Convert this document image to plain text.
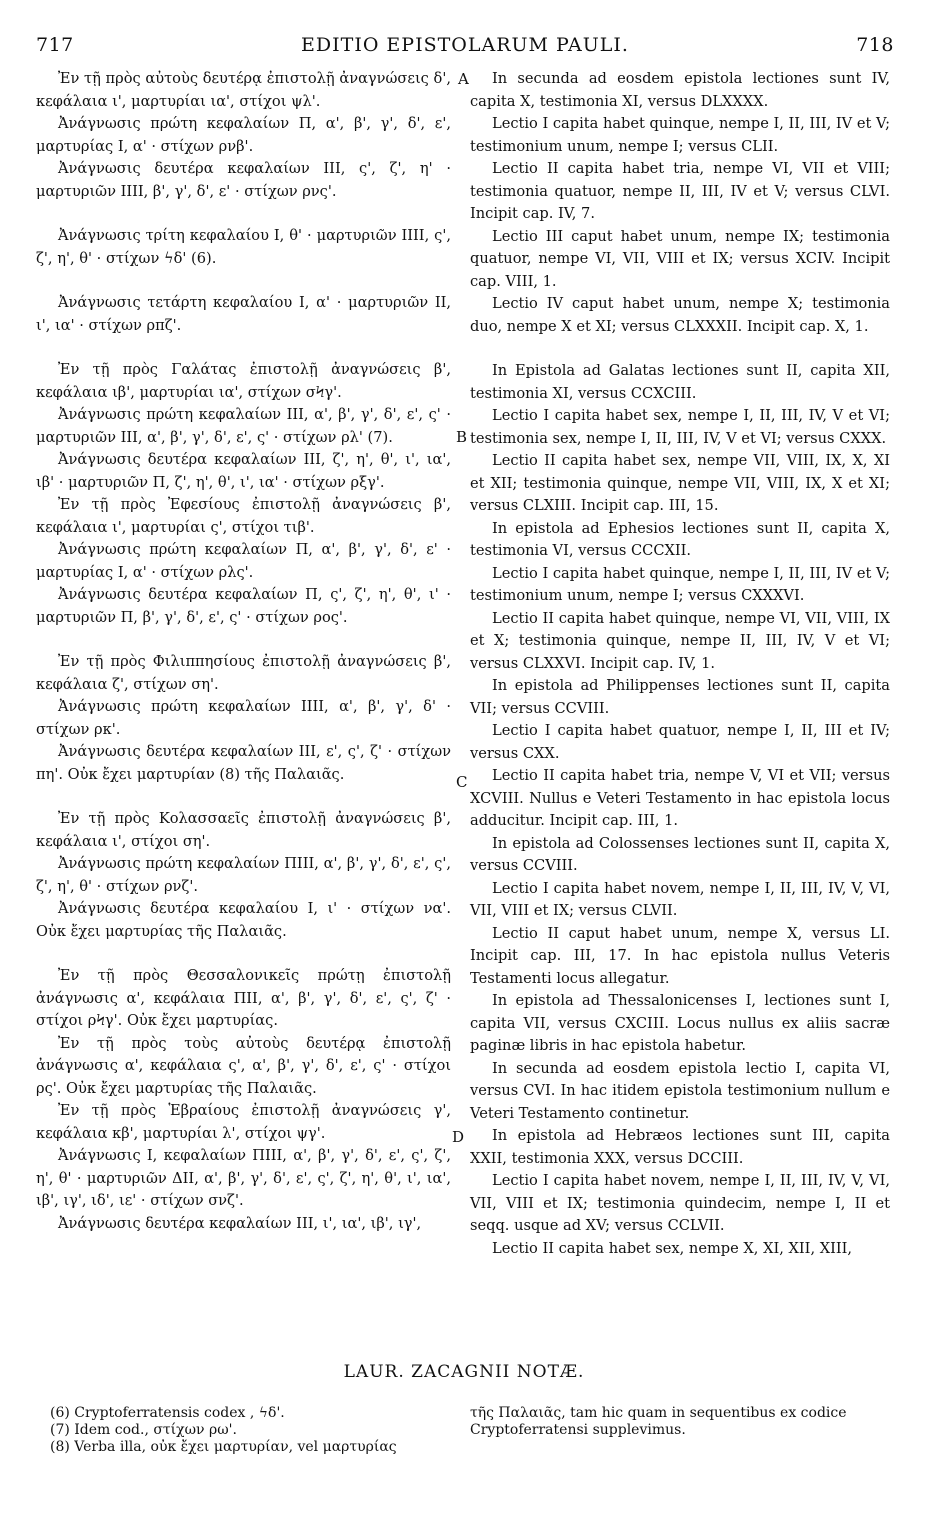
717	EDITIO EPISTOLARUM PAULI.	718

Ἐν τῇ πρὸς αὐτοὺς δευτέρᾳ ἐπιστολῇ ἀναγνώσεις δ', κεφάλαια ι', μαρτυρίαι ια', στίχοι ψλ'.

Ἀνάγνωσις πρώτη κεφαλαίων Π, α', β', γ', δ', ε', μαρτυρίας Ι, α' · στίχων ρνβ'.

Ἀνάγνωσις δευτέρα κεφαλαίων ΙΙΙ, ς', ζ', η' · μαρτυριῶν ΙΙΙΙ, β', γ', δ', ε' · στίχων ρνς'.

Ἀνάγνωσις τρίτη κεφαλαίου Ι, θ' · μαρτυριῶν ΙΙΙΙ, ς', ζ', η', θ' · στίχων ϟδ' (6).

Ἀνάγνωσις τετάρτη κεφαλαίου Ι, α' · μαρτυριῶν ΙΙ, ι', ια' · στίχων ρπζ'.

Ἐν τῇ πρὸς Γαλάτας ἐπιστολῇ ἀναγνώσεις β', κεφάλαια ιβ', μαρτυρίαι ια', στίχων σϞγ'.

Ἀνάγνωσις πρώτη κεφαλαίων ΙΙΙ, α', β', γ', δ', ε', ς' · μαρτυριῶν ΙΙΙ, α', β', γ', δ', ε', ς' · στίχων ρλ' (7).

Ἀνάγνωσις δευτέρα κεφαλαίων ΙΙΙ, ζ', η', θ', ι', ια', ιβ' · μαρτυριῶν Π, ζ', η', θ', ι', ια' · στίχων ρξγ'.

Ἐν τῇ πρὸς Ἐφεσίους ἐπιστολῇ ἀναγνώσεις β', κεφάλαια ι', μαρτυρίαι ς', στίχοι τιβ'.

Ἀνάγνωσις πρώτη κεφαλαίων Π, α', β', γ', δ', ε' · μαρτυρίας Ι, α' · στίχων ρλς'.

Ἀνάγνωσις δευτέρα κεφαλαίων Π, ς', ζ', η', θ', ι' · μαρτυριῶν Π, β', γ', δ', ε', ς' · στίχων ρος'.

Ἐν τῇ πρὸς Φιλιππησίους ἐπιστολῇ ἀναγνώσεις β', κεφάλαια ζ', στίχων ση'.

Ἀνάγνωσις πρώτη κεφαλαίων ΙΙΙΙ, α', β', γ', δ' · στίχων ρκ'.

Ἀνάγνωσις δευτέρα κεφαλαίων ΙΙΙ, ε', ς', ζ' · στίχων πη'. Οὐκ ἔχει μαρτυρίαν (8) τῆς Παλαιᾶς.

Ἐν τῇ πρὸς Κολασσαεῖς ἐπιστολῇ ἀναγνώσεις β', κεφάλαια ι', στίχοι ση'.

Ἀνάγνωσις πρώτη κεφαλαίων ΠΙΙΙ, α', β', γ', δ', ε', ς', ζ', η', θ' · στίχων ρνζ'.

Ἀνάγνωσις δευτέρα κεφαλαίου Ι, ι' · στίχων να'. Οὐκ ἔχει μαρτυρίας τῆς Παλαιᾶς.

Ἐν τῇ πρὸς Θεσσαλονικεῖς πρώτῃ ἐπιστολῇ ἀνάγνωσις α', κεφάλαια ΠΙΙ, α', β', γ', δ', ε', ς', ζ' · στίχοι ρϞγ'. Οὐκ ἔχει μαρτυρίας.

Ἐν τῇ πρὸς τοὺς αὐτοὺς δευτέρᾳ ἐπιστολῇ ἀνάγνωσις α', κεφάλαια ς', α', β', γ', δ', ε', ς' · στίχοι ρς'. Οὐκ ἔχει μαρτυρίας τῆς Παλαιᾶς.

Ἐν τῇ πρὸς Ἑβραίους ἐπιστολῇ ἀναγνώσεις γ', κεφάλαια κβ', μαρτυρίαι λ', στίχοι ψγ'.

Ἀνάγνωσις Ι, κεφαλαίων ΠΙΙΙ, α', β', γ', δ', ε', ς', ζ', η', θ' · μαρτυριῶν ΔΙΙ, α', β', γ', δ', ε', ς', ζ', η', θ', ι', ια', ιβ', ιγ', ιδ', ιε' · στίχων σνζ'.

Ἀνάγνωσις δευτέρα κεφαλαίων ΙΙΙ, ι', ια', ιβ', ιγ',

A
B
C
D

In secunda ad eosdem epistola lectiones sunt IV, capita X, testimonia XI, versus DLXXXX.

Lectio I capita habet quinque, nempe I, II, III, IV et V; testimonium unum, nempe I; versus CLII.

Lectio II capita habet tria, nempe VI, VII et VIII; testimonia quatuor, nempe II, III, IV et V; versus CLVI. Incipit cap. IV, 7.

Lectio III caput habet unum, nempe IX; testimonia quatuor, nempe VI, VII, VIII et IX; versus XCIV. Incipit cap. VIII, 1.

Lectio IV caput habet unum, nempe X; testimonia duo, nempe X et XI; versus CLXXXII. Incipit cap. X, 1.

In Epistola ad Galatas lectiones sunt II, capita XII, testimonia XI, versus CCXCIII.

Lectio I capita habet sex, nempe I, II, III, IV, V et VI; testimonia sex, nempe I, II, III, IV, V et VI; versus CXXX.

Lectio II capita habet sex, nempe VII, VIII, IX, X, XI et XII; testimonia quinque, nempe VII, VIII, IX, X et XI; versus CLXIII. Incipit cap. III, 15.

In epistola ad Ephesios lectiones sunt II, capita X, testimonia VI, versus CCCXII.

Lectio I capita habet quinque, nempe I, II, III, IV et V; testimonium unum, nempe I; versus CXXXVI.

Lectio II capita habet quinque, nempe VI, VII, VIII, IX et X; testimonia quinque, nempe II, III, IV, V et VI; versus CLXXVI. Incipit cap. IV, 1.

In epistola ad Philippenses lectiones sunt II, capita VII; versus CCVIII.

Lectio I capita habet quatuor, nempe I, II, III et IV; versus CXX.

Lectio II capita habet tria, nempe V, VI et VII; versus XCVIII. Nullus e Veteri Testamento in hac epistola locus adducitur. Incipit cap. III, 1.

In epistola ad Colossenses lectiones sunt II, capita X, versus CCVIII.

Lectio I capita habet novem, nempe I, II, III, IV, V, VI, VII, VIII et IX; versus CLVII.

Lectio II caput habet unum, nempe X, versus LI. Incipit cap. III, 17. In hac epistola nullus Veteris Testamenti locus allegatur.

In epistola ad Thessalonicenses I, lectiones sunt I, capita VII, versus CXCIII. Locus nullus ex aliis sacræ paginæ libris in hac epistola habetur.

In secunda ad eosdem epistola lectio I, capita VI, versus CVI. In hac itidem epistola testimonium nullum e Veteri Testamento continetur.

In epistola ad Hebræos lectiones sunt III, capita XXII, testimonia XXX, versus DCCIII.

Lectio I capita habet novem, nempe I, II, III, IV, V, VI, VII, VIII et IX; testimonia quindecim, nempe I, II et seqq. usque ad XV; versus CCLVII.

Lectio II capita habet sex, nempe X, XI, XII, XIII,

LAUR. ZACAGNII NOTÆ.

(6) Cryptoferratensis codex , ϟδ'.

(7) Idem cod., στίχων ρω'.

(8) Verba illa, οὐκ ἔχει μαρτυρίαν, vel μαρτυρίας

τῆς Παλαιᾶς, tam hic quam in sequentibus ex codice Cryptoferratensi supplevimus.
